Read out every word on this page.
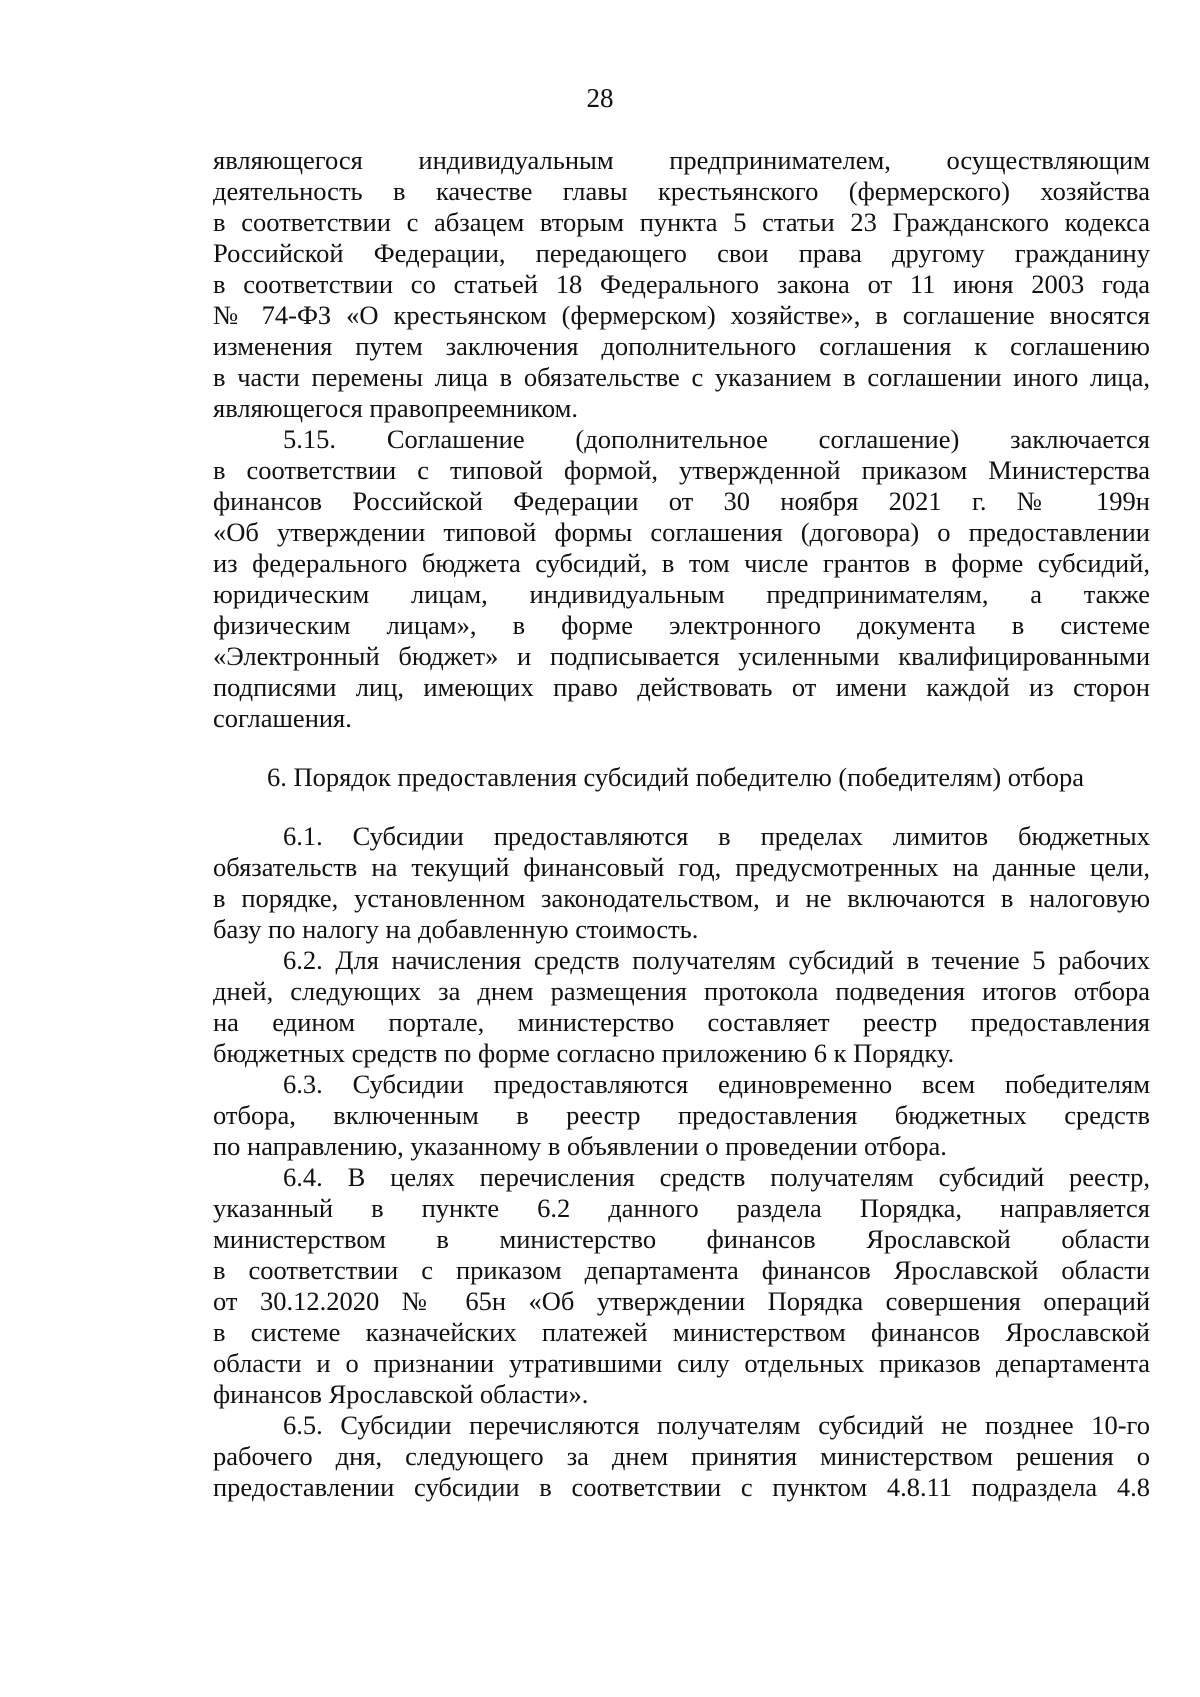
28
являющегося индивидуальным предпринимателем, осуществляющим
деятельность в качестве главы крестьянского (фермерского) хозяйства
в соответствии с абзацем вторым пункта 5 статьи 23 Гражданского кодекса
Российской Федерации, передающего свои права другому гражданину
в соответствии со статьей 18 Федерального закона от 11 июня 2003 года
№ 74-ФЗ «О крестьянском (фермерском) хозяйстве», в соглашение вносятся
изменения путем заключения дополнительного соглашения к соглашению
в части перемены лица в обязательстве с указанием в соглашении иного лица,
являющегося правопреемником.
5.15. Соглашение (дополнительное соглашение) заключается
в соответствии с типовой формой, утвержденной приказом Министерства
финансов Российской Федерации от 30 ноября 2021 г. № 199н
«Об утверждении типовой формы соглашения (договора) о предоставлении
из федерального бюджета субсидий, в том числе грантов в форме субсидий,
юридическим лицам, индивидуальным предпринимателям, а также
физическим лицам», в форме электронного документа в системе
«Электронный бюджет» и подписывается усиленными квалифицированными
подписями лиц, имеющих право действовать от имени каждой из сторон
соглашения.
6. Порядок предоставления субсидий победителю (победителям) отбора
6.1. Субсидии предоставляются в пределах лимитов бюджетных
обязательств на текущий финансовый год, предусмотренных на данные цели,
в порядке, установленном законодательством, и не включаются в налоговую
базу по налогу на добавленную стоимость.
6.2. Для начисления средств получателям субсидий в течение 5 рабочих
дней, следующих за днем размещения протокола подведения итогов отбора
на едином портале, министерство составляет реестр предоставления
бюджетных средств по форме согласно приложению 6 к Порядку.
6.3. Субсидии предоставляются единовременно всем победителям
отбора, включенным в реестр предоставления бюджетных средств
по направлению, указанному в объявлении о проведении отбора.
6.4. В целях перечисления средств получателям субсидий реестр,
указанный в пункте 6.2 данного раздела Порядка, направляется
министерством в министерство финансов Ярославской области
в соответствии с приказом департамента финансов Ярославской области
от 30.12.2020 № 65н «Об утверждении Порядка совершения операций
в системе казначейских платежей министерством финансов Ярославской
области и о признании утратившими силу отдельных приказов департамента
финансов Ярославской области».
6.5. Субсидии перечисляются получателям субсидий не позднее 10-го
рабочего дня, следующего за днем принятия министерством решения о
предоставлении субсидии в соответствии с пунктом 4.8.11 подраздела 4.8
